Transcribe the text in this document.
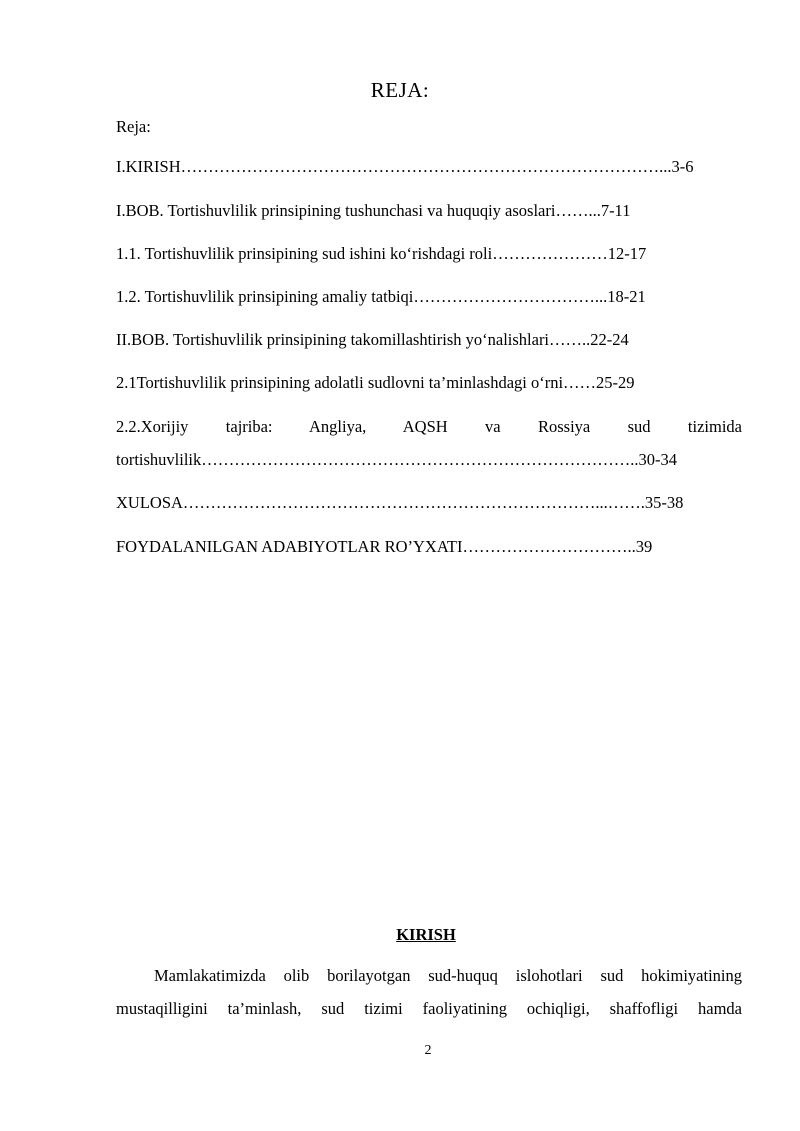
REJA:
Reja:
I.KIRISH……………………………………………………………………………...3-6
I.BOB. Tortishuvlilik prinsipining tushunchasi va huquqiy asoslari……...7-11
1.1. Tortishuvlilik prinsipining sud ishini ko‘rishdagi roli…………………12-17
1.2. Tortishuvlilik prinsipining amaliy tatbiqi……………………………...18-21
II.BOB. Tortishuvlilik prinsipining takomillashtirish yo‘nalishlari……..22-24
2.1Tortishuvlilik prinsipining adolatli sudlovni ta’minlashdagi o‘rni……25-29
2.2.Xorijiy tajriba: Angliya, AQSH va Rossiya sud tizimida
tortishuvlilik……………………………………………………………………..30-34
XULOSA…………………………………………………………………...…….35-38
FOYDALANILGAN ADABIYOTLAR RO’YXATI…………………………..39
KIRISH
Mamlakatimizda olib borilayotgan sud-huquq islohotlari sud hokimiyatining
mustaqilligini ta’minlash, sud tizimi faoliyatining ochiqligi, shaffofligi hamda
2
